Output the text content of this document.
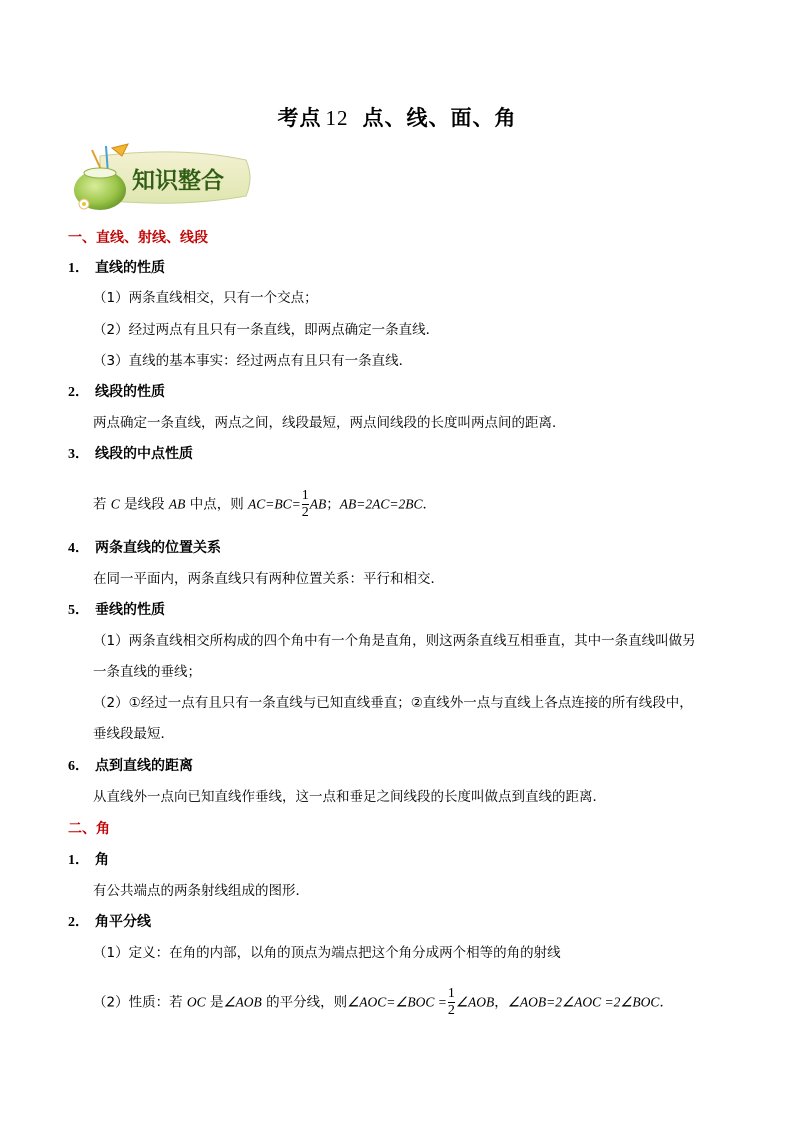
考点 12 点、线、面、角
知识整合
一、直线、射线、线段
1． 直线的性质
（1）两条直线相交，只有一个交点；
（2）经过两点有且只有一条直线，即两点确定一条直线．
（3）直线的基本事实：经过两点有且只有一条直线．
2． 线段的性质
两点确定一条直线，两点之间，线段最短，两点间线段的长度叫两点间的距离．
3． 线段的中点性质
若 C 是线段 AB 中点，则 $AC=BC= \frac{1}{2}$ AB；AB=2AC=2BC．
4． 两条直线的位置关系
在同一平面内，两条直线只有两种位置关系：平行和相交．
5． 垂线的性质
（1）两条直线相交所构成的四个角中有一个角是直角，则这两条直线互相垂直，其中一条直线叫做另
一条直线的垂线；
（2）①经过一点有且只有一条直线与已知直线垂直；②直线外一点与直线上各点连接的所有线段中，
垂线段最短．
6． 点到直线的距离
从直线外一点向已知直线作垂线，这一点和垂足之间线段的长度叫做点到直线的距离．
二、角
1． 角
有公共端点的两条射线组成的图形．
2． 角平分线
（1）定义：在角的内部，以角的顶点为端点把这个角分成两个相等的角的射线
（2）性质：若 OC 是∠AOB 的平分线，则∠AOC=∠BOC = $\frac{1}{2}$ ∠AOB，∠AOB=2∠AOC =2∠BOC．
